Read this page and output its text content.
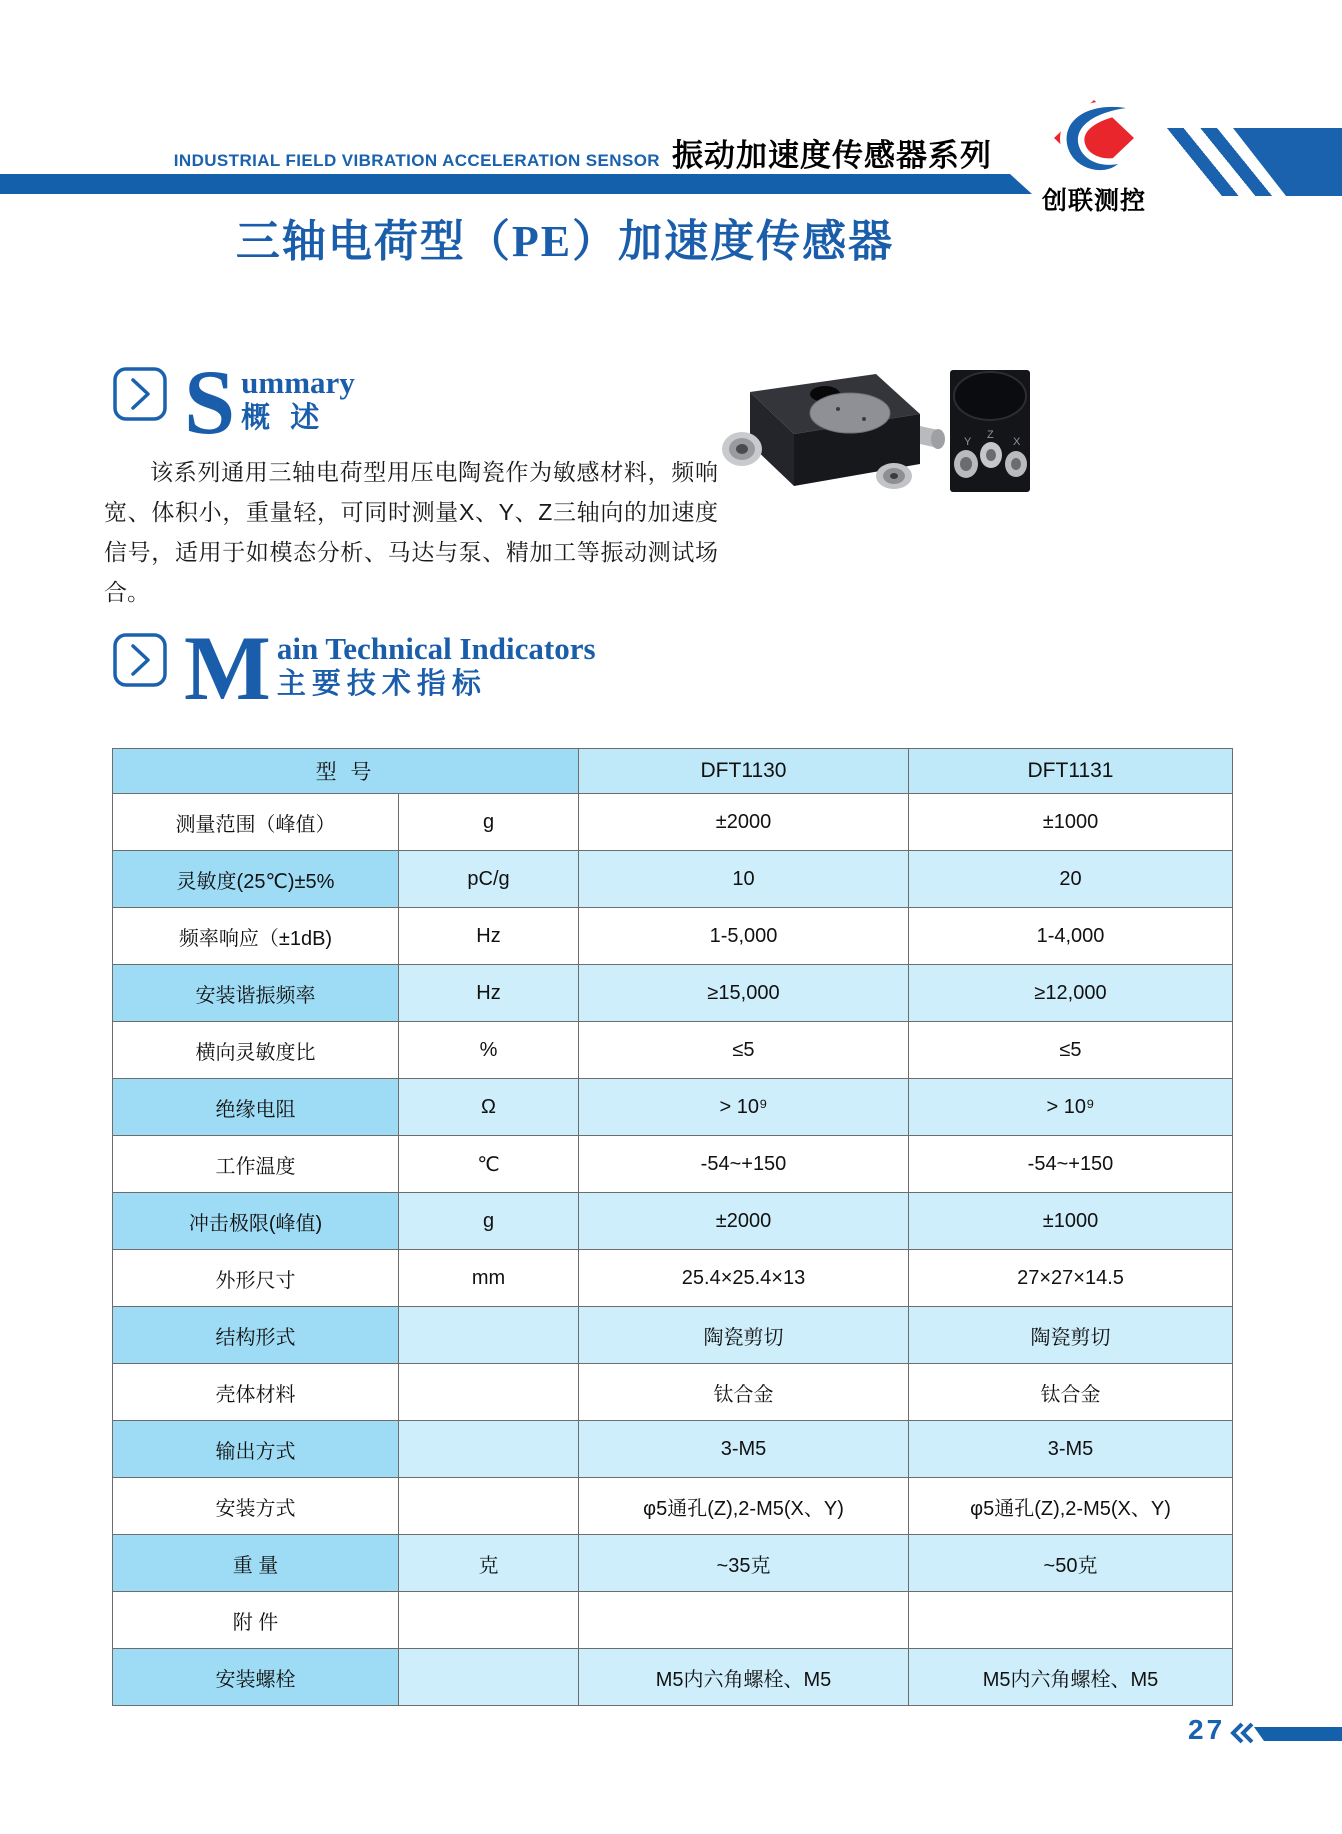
INDUSTRIAL FIELD VIBRATION ACCELERATION SENSOR 振动加速度传感器系列
创联测控
三轴电荷型（PE）加速度传感器
S ummary
概 述
该系列通用三轴电荷型用压电陶瓷作为敏感材料，频响宽、体积小，重量轻，可同时测量X、Y、Z三轴向的加速度信号，适用于如模态分析、马达与泵、精加工等振动测试场合。
Y
Z
X
M ain Technical Indicators
主要技术指标
型 号		DFT1130	DFT1131
测量范围（峰值）	g	±2000	±1000
灵敏度(25℃)±5%	pC/g	10	20
频率响应（±1dB)	Hz	1-5,000	1-4,000
安装谐振频率	Hz	≥15,000	≥12,000
横向灵敏度比	%	≤5	≤5
绝缘电阻	Ω	> 10⁹	> 10⁹
工作温度	℃	-54~+150	-54~+150
冲击极限(峰值)	g	±2000	±1000
外形尺寸	mm	25.4×25.4×13	27×27×14.5
结构形式		陶瓷剪切	陶瓷剪切
壳体材料		钛合金	钛合金
输出方式		3-M5	3-M5
安装方式		φ5通孔(Z),2-M5(X、Y)	φ5通孔(Z),2-M5(X、Y)
重 量	克	~35克	~50克
附 件			
安装螺栓		M5内六角螺栓、M5	M5内六角螺栓、M5
27
